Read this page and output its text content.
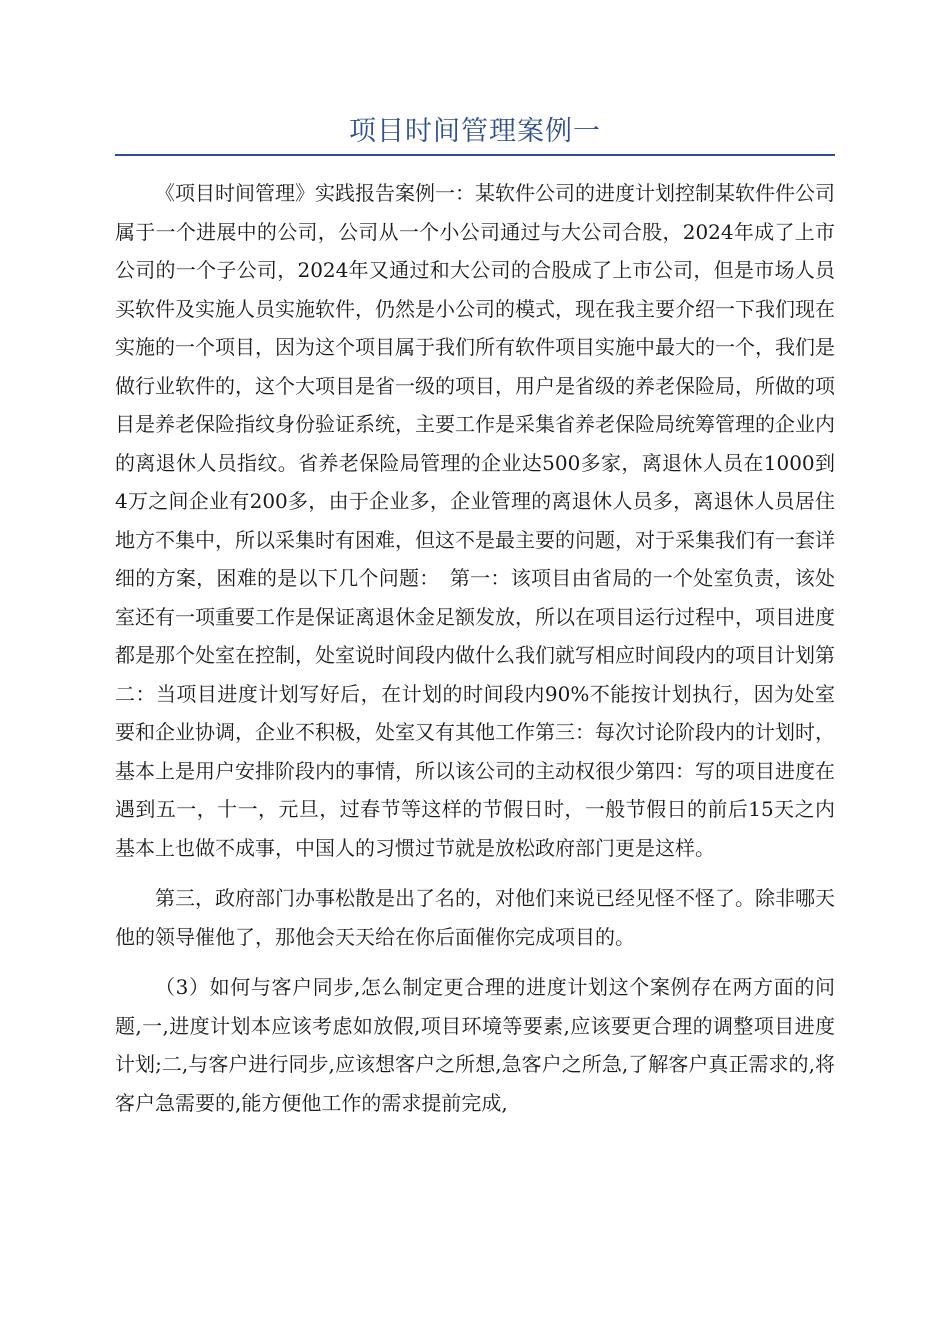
项目时间管理案例一

《项目时间管理》实践报告案例一：某软件公司的进度计划控制某软件件公司属于一个进展中的公司，公司从一个小公司通过与大公司合股，2024年成了上市公司的一个子公司，2024年又通过和大公司的合股成了上市公司，但是市场人员买软件及实施人员实施软件，仍然是小公司的模式，现在我主要介绍一下我们现在实施的一个项目，因为这个项目属于我们所有软件项目实施中最大的一个，我们是做行业软件的，这个大项目是省一级的项目，用户是省级的养老保险局，所做的项目是养老保险指纹身份验证系统，主要工作是采集省养老保险局统筹管理的企业内的离退休人员指纹。省养老保险局管理的企业达500多家，离退休人员在1000到4万之间企业有200多，由于企业多，企业管理的离退休人员多，离退休人员居住地方不集中，所以采集时有困难，但这不是最主要的问题，对于采集我们有一套详细的方案，困难的是以下几个问题：　第一：该项目由省局的一个处室负责，该处室还有一项重要工作是保证离退休金足额发放，所以在项目运行过程中，项目进度都是那个处室在控制，处室说时间段内做什么我们就写相应时间段内的项目计划第二：当项目进度计划写好后，在计划的时间段内90%不能按计划执行，因为处室要和企业协调，企业不积极，处室又有其他工作第三：每次讨论阶段内的计划时，基本上是用户安排阶段内的事情，所以该公司的主动权很少第四：写的项目进度在遇到五一，十一，元旦，过春节等这样的节假日时，一般节假日的前后15天之内基本上也做不成事，中国人的习惯过节就是放松政府部门更是这样。

第三，政府部门办事松散是出了名的，对他们来说已经见怪不怪了。除非哪天他的领导催他了，那他会天天给在你后面催你完成项目的。

（3）如何与客户同步,怎么制定更合理的进度计划这个案例存在两方面的问题,一,进度计划本应该考虑如放假,项目环境等要素,应该要更合理的调整项目进度计划;二,与客户进行同步,应该想客户之所想,急客户之所急,了解客户真正需求的,将客户急需要的,能方便他工作的需求提前完成,
